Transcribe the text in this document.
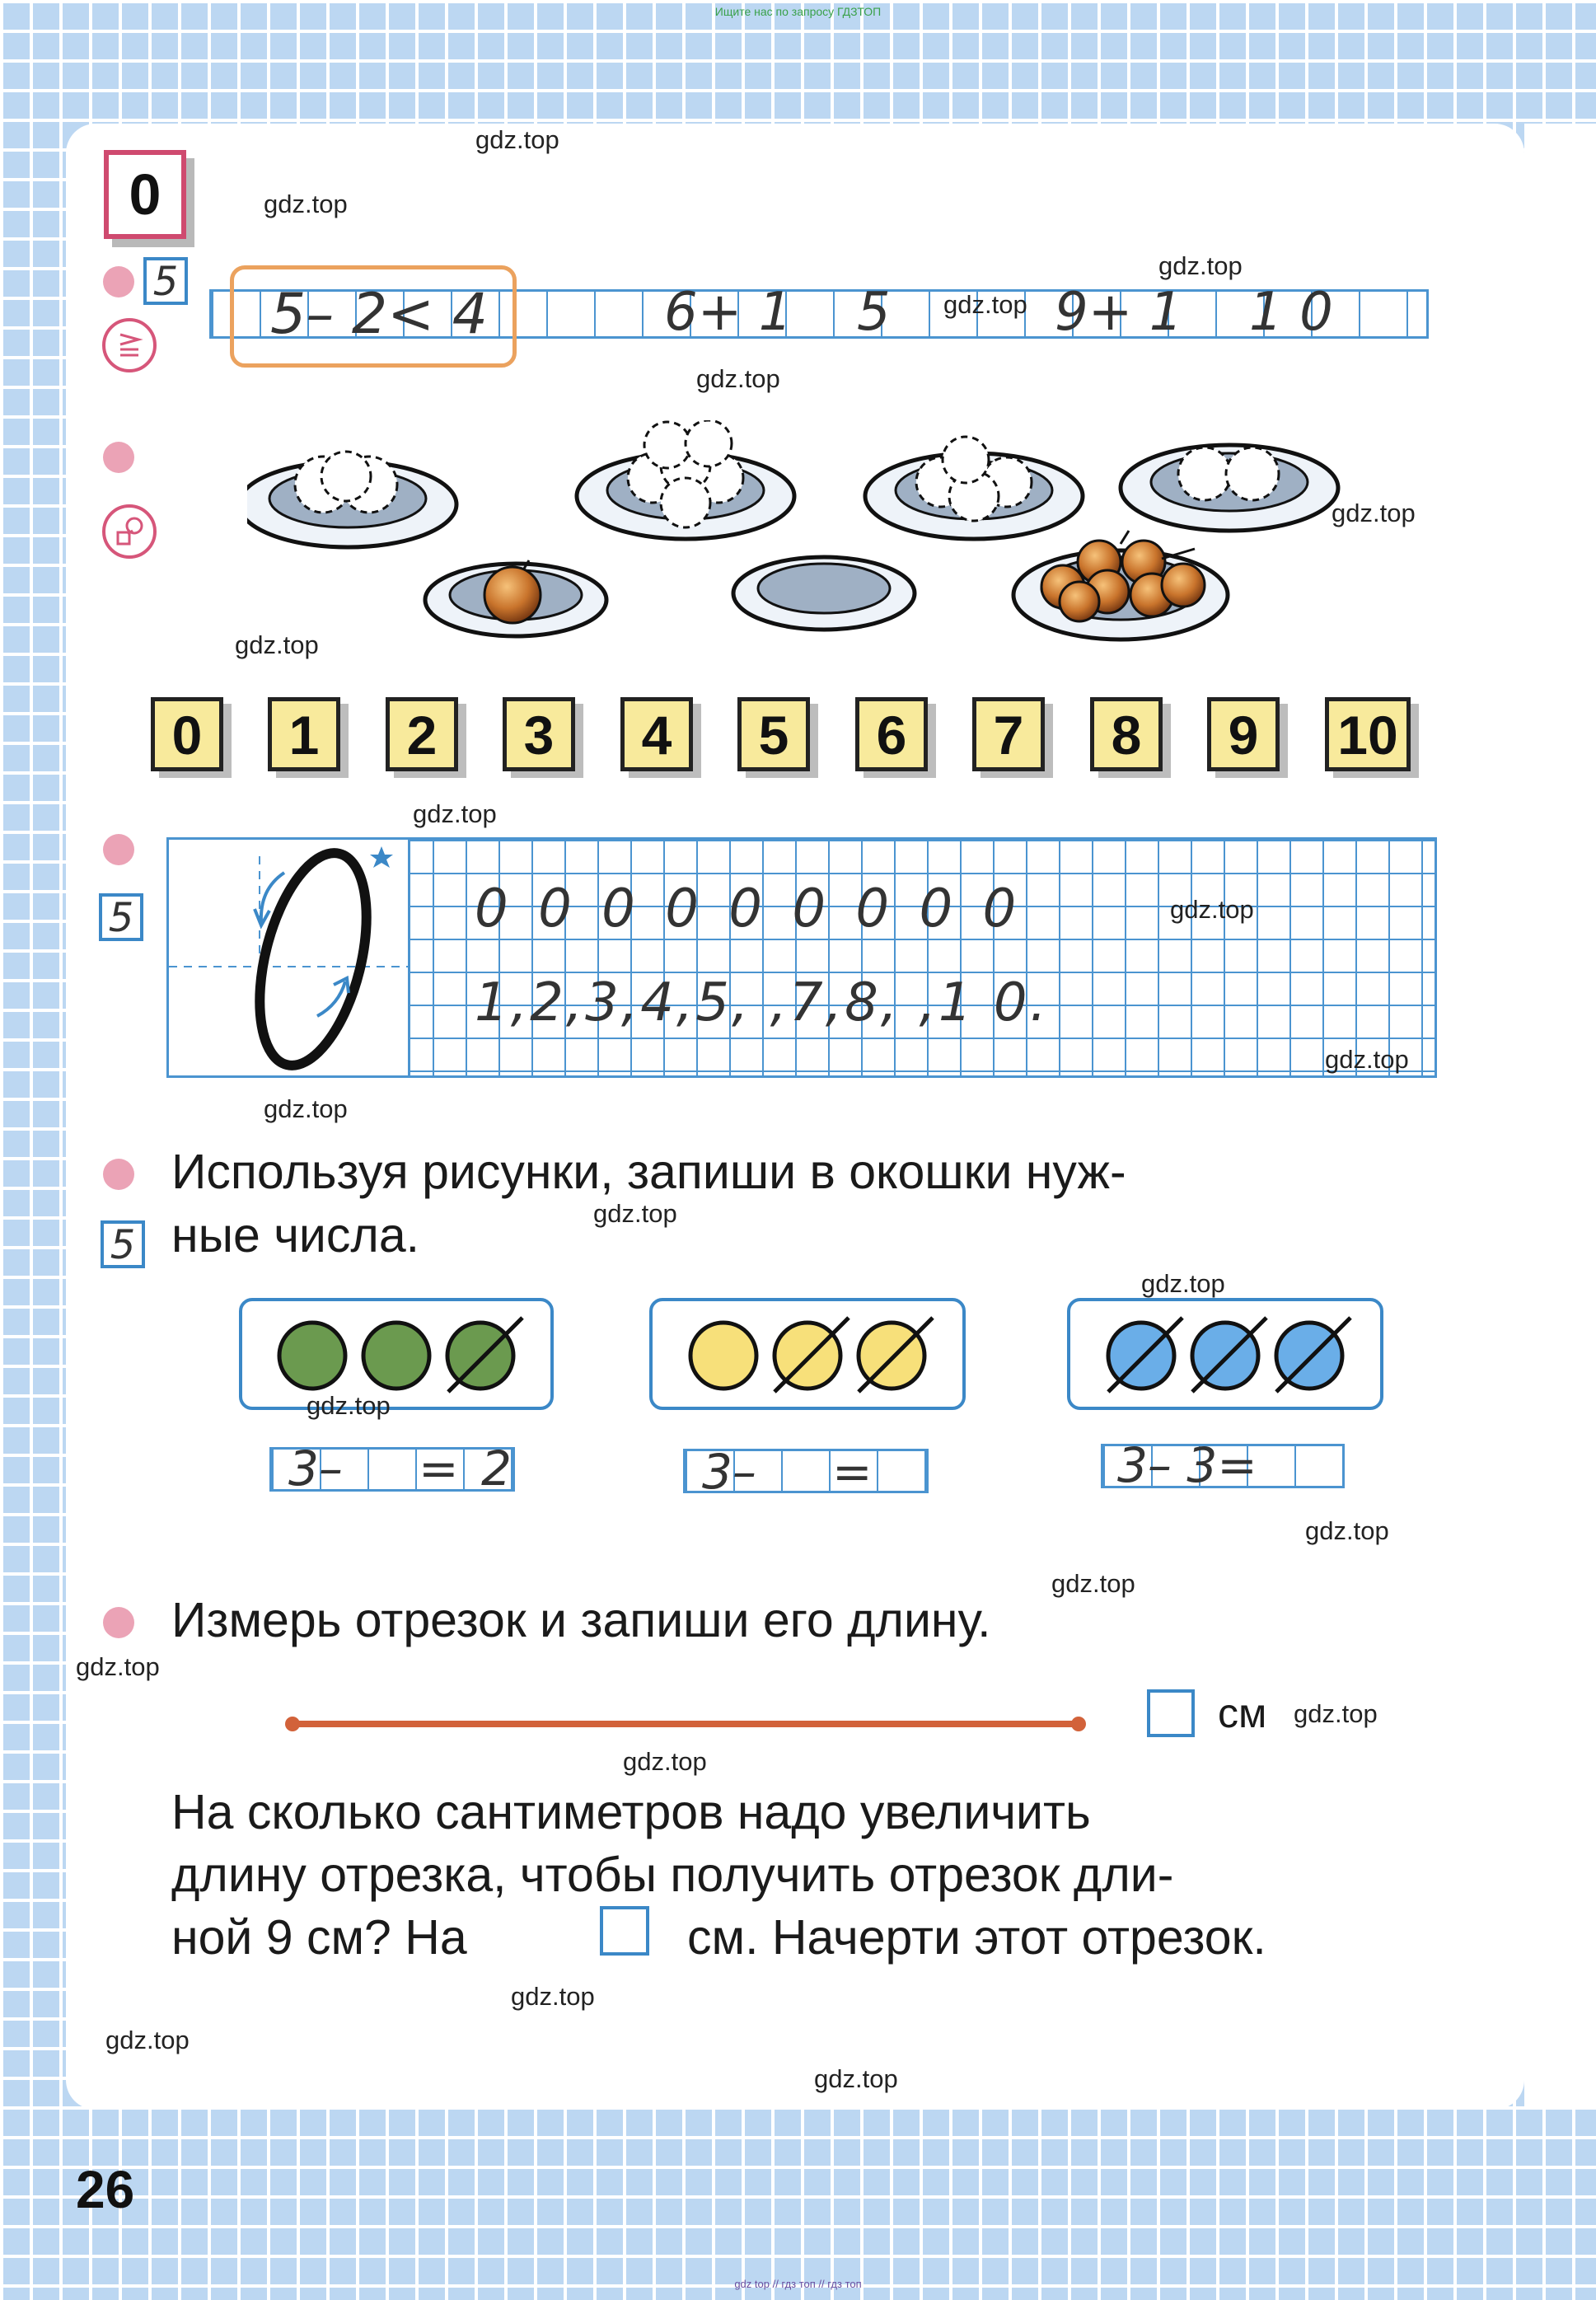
Ищите нас по запросу ГДЗТОП
0
5 5– 2< 4	6+ 1 5	9+ 1 1 0
0	1	2	3	4	5	6	7	8	9	10
5	0 0 0 0 0 0 0 0 0
1,2,3,4,5, ,7,8, ,1 0.
5
Используя рисунки, запиши в окошки нуж-
ные числа.
3– = 2	3– =	3– 3=
Измерь отрезок и запиши его длину.
см
На сколько сантиметров надо увеличить
длину отрезка, чтобы получить отрезок дли-
ной 9 см? На	см. Начерти этот отрезок.
26
gdz.top
gdz.top
gdz.top
gdz.top
gdz.top
gdz.top
gdz.top
gdz.top
gdz.top
gdz.top
gdz.top
gdz.top
gdz.top
gdz.top
gdz.top
gdz.top
gdz.top
gdz.top
gdz.top
gdz.top
gdz.top
gdz.top
gdz top // гдз топ // гдз топ
